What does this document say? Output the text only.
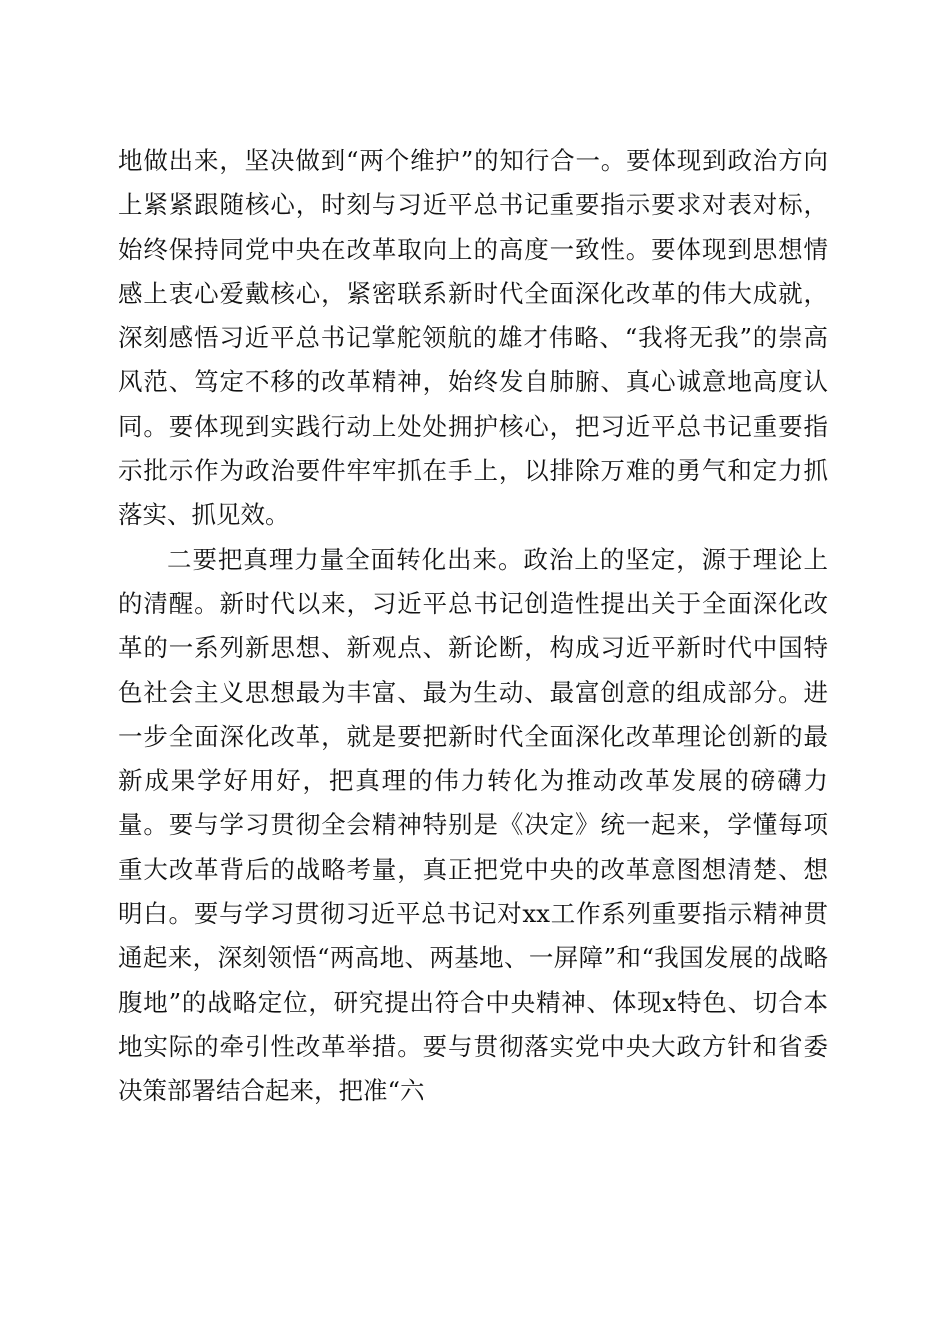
地做出来，坚决做到“两个维护”的知行合一。要体现到政治方向上紧紧跟随核心，时刻与习近平总书记重要指示要求对表对标，始终保持同党中央在改革取向上的高度一致性。要体现到思想情感上衷心爱戴核心，紧密联系新时代全面深化改革的伟大成就，深刻感悟习近平总书记掌舵领航的雄才伟略、“我将无我”的崇高风范、笃定不移的改革精神，始终发自肺腑、真心诚意地高度认同。要体现到实践行动上处处拥护核心，把习近平总书记重要指示批示作为政治要件牢牢抓在手上，以排除万难的勇气和定力抓落实、抓见效。

二要把真理力量全面转化出来。政治上的坚定，源于理论上的清醒。新时代以来，习近平总书记创造性提出关于全面深化改革的一系列新思想、新观点、新论断，构成习近平新时代中国特色社会主义思想最为丰富、最为生动、最富创意的组成部分。进一步全面深化改革，就是要把新时代全面深化改革理论创新的最新成果学好用好，把真理的伟力转化为推动改革发展的磅礴力量。要与学习贯彻全会精神特别是《决定》统一起来，学懂每项重大改革背后的战略考量，真正把党中央的改革意图想清楚、想明白。要与学习贯彻习近平总书记对xx工作系列重要指示精神贯通起来，深刻领悟“两高地、两基地、一屏障”和“我国发展的战略腹地”的战略定位，研究提出符合中央精神、体现x特色、切合本地实际的牵引性改革举措。要与贯彻落实党中央大政方针和省委决策部署结合起来，把准“六
